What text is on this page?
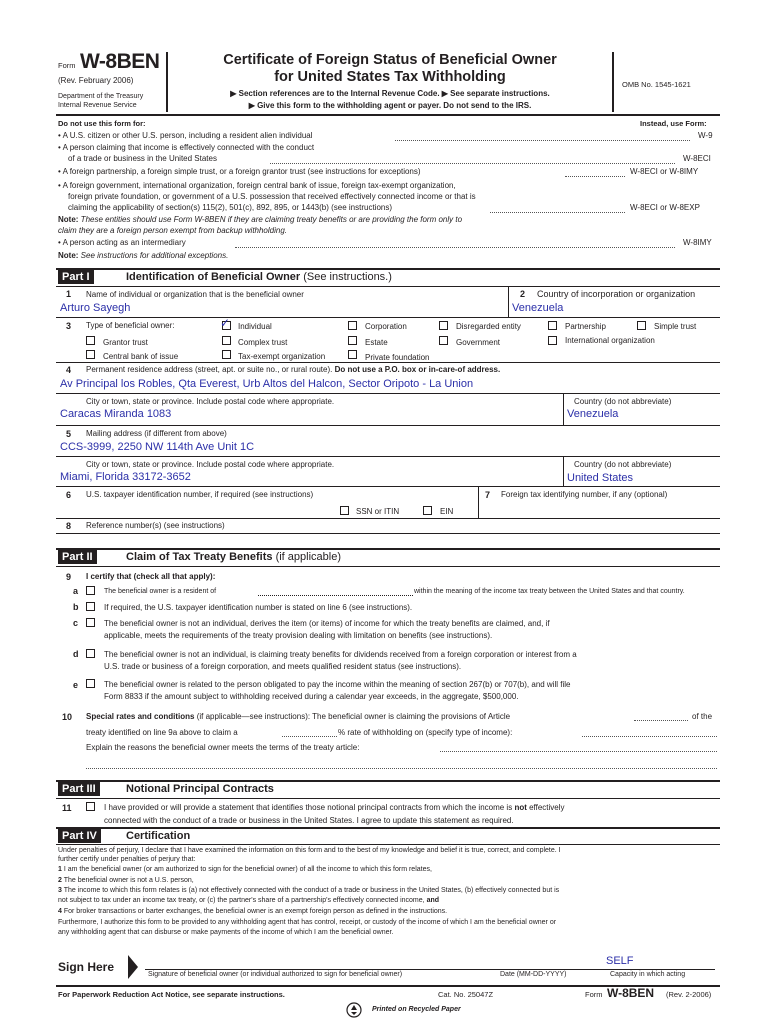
Form W-8BEN
(Rev. February 2006)
Department of the Treasury
Internal Revenue Service
Certificate of Foreign Status of Beneficial Owner
for United States Tax Withholding
▶ Section references are to the Internal Revenue Code. ▶ See separate instructions.
▶ Give this form to the withholding agent or payer. Do not send to the IRS.
OMB No. 1545-1621
Do not use this form for:	Instead, use Form:
• A U.S. citizen or other U.S. person, including a resident alien individual	W-9
• A person claiming that income is effectively connected with the conduct
of a trade or business in the United States	W-8ECI
• A foreign partnership, a foreign simple trust, or a foreign grantor trust (see instructions for exceptions)	W-8ECI or W-8IMY
• A foreign government, international organization, foreign central bank of issue, foreign tax-exempt organization,
foreign private foundation, or government of a U.S. possession that received effectively connected income or that is
claiming the applicability of section(s) 115(2), 501(c), 892, 895, or 1443(b) (see instructions)	W-8ECI or W-8EXP
Note: These entities should use Form W-8BEN if they are claiming treaty benefits or are providing the form only to
claim they are a foreign person exempt from backup withholding.
• A person acting as an intermediary	W-8IMY
Note: See instructions for additional exceptions.
Part I	Identification of Beneficial Owner (See instructions.)
1 Name of individual or organization that is the beneficial owner
Arturo Sayegh
2 Country of incorporation or organization
Venezuela
3 Type of beneficial owner:	✓ Individual	Corporation	Disregarded entity	Partnership	Simple trust
Grantor trust	Complex trust	Estate	Government	International organization
Central bank of issue	Tax-exempt organization	Private foundation
4 Permanent residence address (street, apt. or suite no., or rural route). Do not use a P.O. box or in-care-of address.
Av Principal los Robles, Qta Everest, Urb Altos del Halcon, Sector Oripoto - La Union
City or town, state or province. Include postal code where appropriate.
Caracas Miranda 1083
Country (do not abbreviate)
Venezuela
5 Mailing address (if different from above)
CCS-3999, 2250 NW 114th Ave Unit 1C
City or town, state or province. Include postal code where appropriate.
Miami, Florida 33172-3652
Country (do not abbreviate)
United States
6 U.S. taxpayer identification number, if required (see instructions)
SSN or ITIN	EIN
7 Foreign tax identifying number, if any (optional)
8 Reference number(s) (see instructions)
Part II	Claim of Tax Treaty Benefits (if applicable)
9 I certify that (check all that apply):
a	The beneficial owner is a resident of	within the meaning of the income tax treaty between the United States and that country.
b	If required, the U.S. taxpayer identification number is stated on line 6 (see instructions).
c	The beneficial owner is not an individual, derives the item (or items) of income for which the treaty benefits are claimed, and, if
applicable, meets the requirements of the treaty provision dealing with limitation on benefits (see instructions).
d	The beneficial owner is not an individual, is claiming treaty benefits for dividends received from a foreign corporation or interest from a
U.S. trade or business of a foreign corporation, and meets qualified resident status (see instructions).
e	The beneficial owner is related to the person obligated to pay the income within the meaning of section 267(b) or 707(b), and will file
Form 8833 if the amount subject to withholding received during a calendar year exceeds, in the aggregate, $500,000.
10 Special rates and conditions (if applicable—see instructions): The beneficial owner is claiming the provisions of Article	of the
treaty identified on line 9a above to claim a	% rate of withholding on (specify type of income):
Explain the reasons the beneficial owner meets the terms of the treaty article:
Part III	Notional Principal Contracts
11	I have provided or will provide a statement that identifies those notional principal contracts from which the income is not effectively
connected with the conduct of a trade or business in the United States. I agree to update this statement as required.
Part IV	Certification
Under penalties of perjury, I declare that I have examined the information on this form and to the best of my knowledge and belief it is true, correct, and complete. I
further certify under penalties of perjury that:
1 I am the beneficial owner (or am authorized to sign for the beneficial owner) of all the income to which this form relates,
2 The beneficial owner is not a U.S. person,
3 The income to which this form relates is (a) not effectively connected with the conduct of a trade or business in the United States, (b) effectively connected but is
not subject to tax under an income tax treaty, or (c) the partner's share of a partnership's effectively connected income, and
4 For broker transactions or barter exchanges, the beneficial owner is an exempt foreign person as defined in the instructions.
Furthermore, I authorize this form to be provided to any withholding agent that has control, receipt, or custody of the income of which I am the beneficial owner or
any withholding agent that can disburse or make payments of the income of which I am the beneficial owner.
Sign Here
Signature of beneficial owner (or individual authorized to sign for beneficial owner)	Date (MM-DD-YYYY)
SELF
Capacity in which acting
For Paperwork Reduction Act Notice, see separate instructions.	Cat. No. 25047Z	Form W-8BEN (Rev. 2-2006)
Printed on Recycled Paper
